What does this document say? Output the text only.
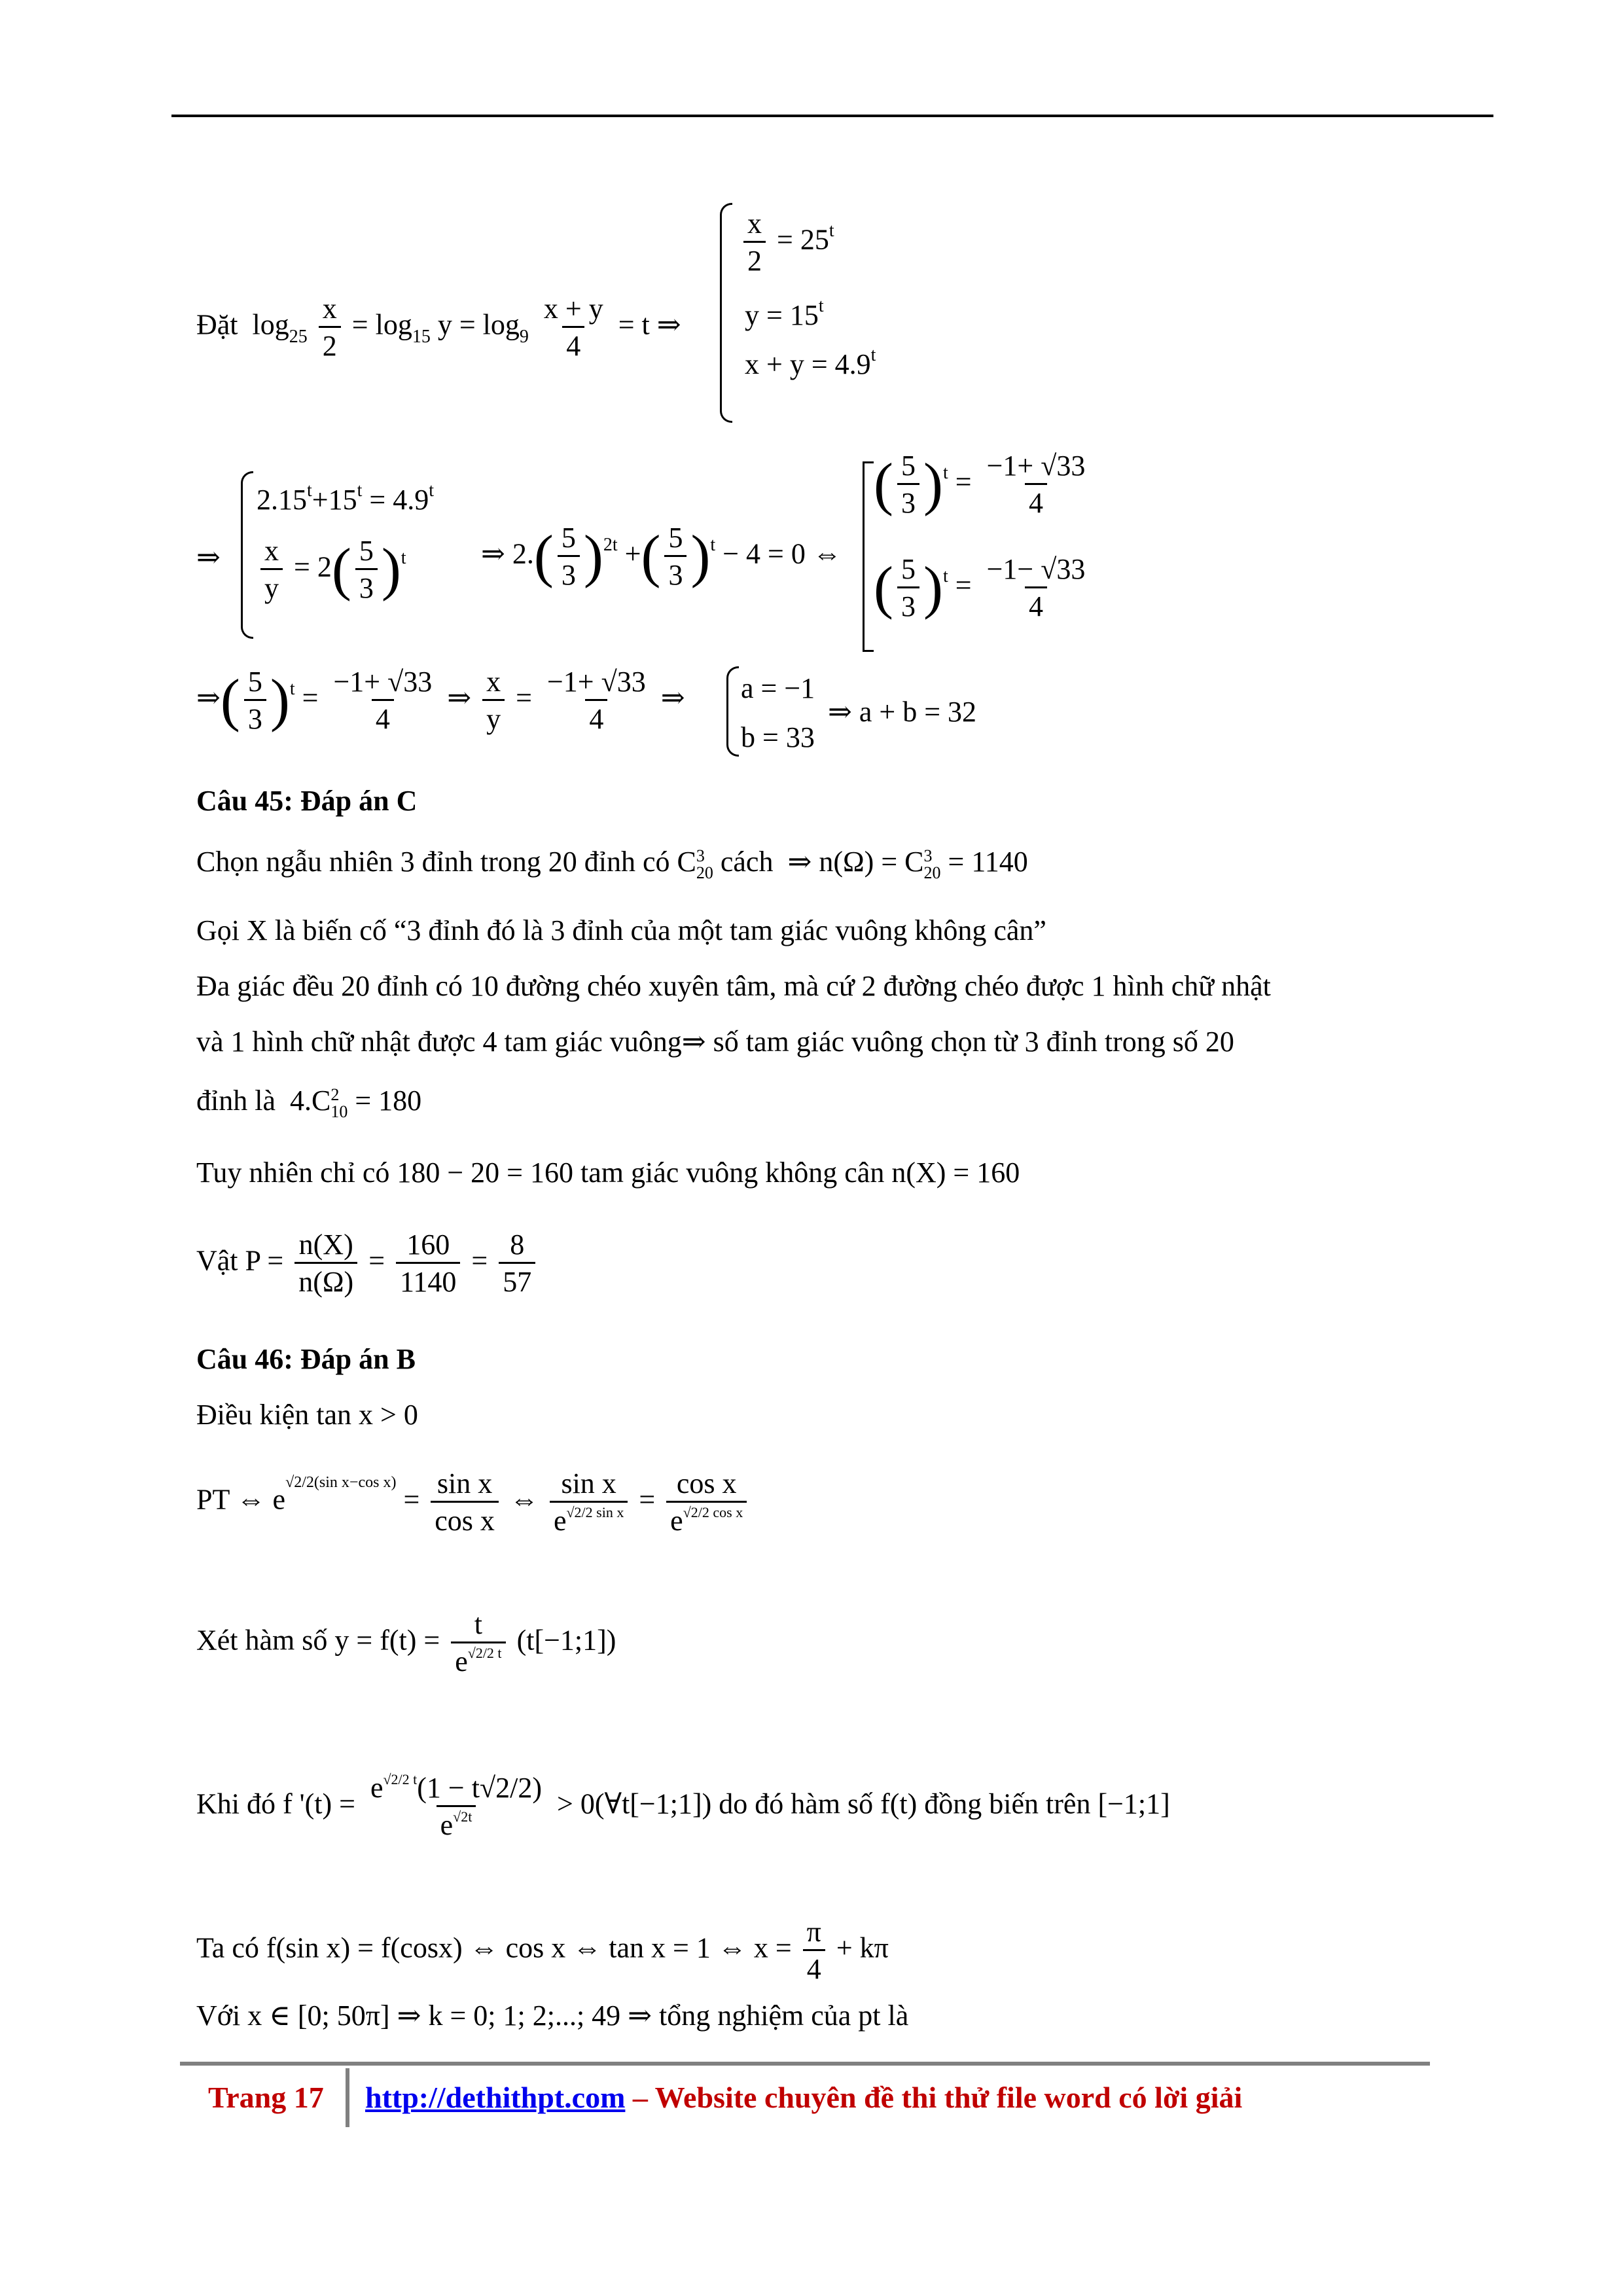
Đặt $\log_{25} \frac{x}{2} = \log_{15} y = \log_9 \frac{x + y}{4} = t$ ⇒
$\frac{x}{2} = 25^t$
$y = 15^t$
$x + y = 4.9^t$
⇒
$2.15^t+15^t = 4.9^t$
$\frac{x}{y} = 2( \frac{5}{3} )^t$	⇒ $2.( \frac{5}{3} )^{2t}$ +( $\frac{5}{3} )^t - 4 = 0$ ⇔
( $\frac{5}{3} )^t = \frac{-1+ √33}{4}$
( $\frac{5}{3} )^t = \frac{-1- √33}{4}$
⇒( $\frac{5}{3} )^t = \frac{-1+ √33}{4}$ ⇒ $\frac{x}{y} = \frac{-1+ √33}{4}$ ⇒ a = −1
b = 33
⇒ a + b = 32
Câu 45: Đáp án C
Chọn ngẫu nhiên 3 đỉnh trong 20 đỉnh có C 3
20 cách ⇒ n(Ω) = C 3
20 = 1140
Gọi X là biến cố “3 đỉnh đó là 3 đỉnh của một tam giác vuông không cân”
Đa giác đều 20 đỉnh có 10 đường chéo xuyên tâm, mà cứ 2 đường chéo được 1 hình chữ nhật
và 1 hình chữ nhật được 4 tam giác vuông⇒ số tam giác vuông chọn từ 3 đỉnh trong số 20
đỉnh là 4.C 2
10 = 180
Tuy nhiên chỉ có 180 − 20 = 160 tam giác vuông không cân n(X) = 160
Vật $P = \frac{n(X)}{n(\Omega)} = \frac{160}{1140} = \frac{8}{57}$
Câu 46: Đáp án B
Điều kiện tan x > 0
PT ⇔ $e^{√2/2(sin x-cos x)} = \frac{\text{sin x}}{\text{cos x}}$ ⇔ $\frac{\text{sin x}}{e^{√2/2 sin x}} = \frac{\text{cos x}}{e^{√2/2 cos x}}$
Xét hàm số $y = f(t) = \frac{t}{e^{√2/2 t}}$ (t[−1;1])
Khi đó f '$(t) = \frac{e^{√2/2 t}(1 - t√2/2)}{e^{√2t}}$ > 0(∀t[−1;1]) do đó hàm số f(t) đồng biến trên [−1;1]
Ta có f(sin x) = f(cosx) ⇔ cos x ⇔ tan x = 1 ⇔ $x = \frac{\pi}{4} + k\pi$
Với x ∈ [0; 50π] ⇒ k = 0; 1; 2;...; 49 ⇒ tổng nghiệm của pt là
Trang 17 http://dethithpt.com – Website chuyên đề thi thử file word có lời giải
